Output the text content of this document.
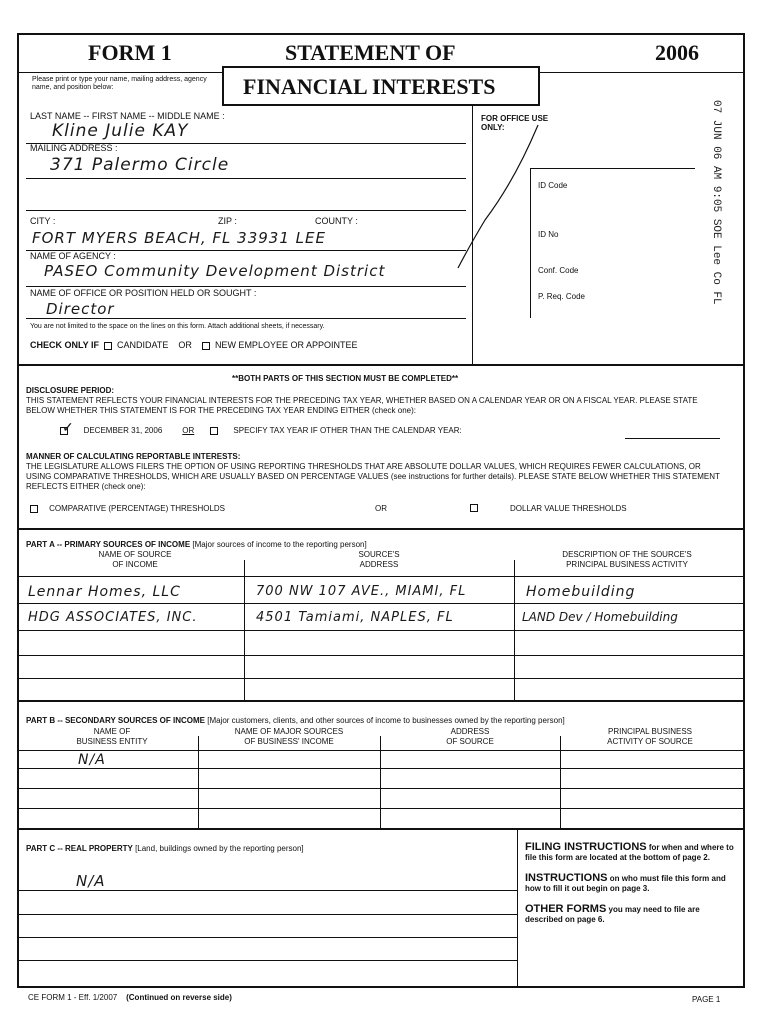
FORM 1	STATEMENT OF	2006
Please print or type your name, mailing address, agency name, and position below:	FINANCIAL INTERESTS
LAST NAME -- FIRST NAME -- MIDDLE NAME :
Kline Julie KAY
MAILING ADDRESS :
371 Palermo Circle
CITY :	ZIP :	COUNTY :
FORT MYERS BEACH, FL 33931 LEE
NAME OF AGENCY :
PASEO Community Development District
NAME OF OFFICE OR POSITION HELD OR SOUGHT :
Director
You are not limited to the space on the lines on this form. Attach additional sheets, if necessary.
CHECK ONLY IF CANDIDATE OR	NEW EMPLOYEE OR APPOINTEE
FOR OFFICE USE ONLY:
ID Code
ID No
Conf. Code
P. Req. Code	07 JUN 06 AM 9:05 SOE Lee Co FL
**BOTH PARTS OF THIS SECTION MUST BE COMPLETED**
DISCLOSURE PERIOD:
THIS STATEMENT REFLECTS YOUR FINANCIAL INTERESTS FOR THE PRECEDING TAX YEAR, WHETHER BASED ON A CALENDAR YEAR OR ON A FISCAL YEAR. PLEASE STATE BELOW WHETHER THIS STATEMENT IS FOR THE PRECEDING TAX YEAR ENDING EITHER (check one):
✓ DECEMBER 31, 2006	OR	SPECIFY TAX YEAR IF OTHER THAN THE CALENDAR YEAR:
MANNER OF CALCULATING REPORTABLE INTERESTS:
THE LEGISLATURE ALLOWS FILERS THE OPTION OF USING REPORTING THRESHOLDS THAT ARE ABSOLUTE DOLLAR VALUES, WHICH REQUIRES FEWER CALCULATIONS, OR USING COMPARATIVE THRESHOLDS, WHICH ARE USUALLY BASED ON PERCENTAGE VALUES (see instructions for further details). PLEASE STATE BELOW WHETHER THIS STATEMENT REFLECTS EITHER (check one):
COMPARATIVE (PERCENTAGE) THRESHOLDS	OR	DOLLAR VALUE THRESHOLDS
PART A -- PRIMARY SOURCES OF INCOME [Major sources of income to the reporting person]
NAME OF SOURCE
OF INCOME
SOURCE'S
ADDRESS
DESCRIPTION OF THE SOURCE'S
PRINCIPAL BUSINESS ACTIVITY
Lennar Homes, LLC	700 NW 107 AVE., MIAMI, FL	Homebuilding
HDG ASSOCIATES, INC.	4501 Tamiami, NAPLES, FL	LAND Dev / Homebuilding
PART B -- SECONDARY SOURCES OF INCOME [Major customers, clients, and other sources of income to businesses owned by the reporting person]
NAME OF
BUSINESS ENTITY
NAME OF MAJOR SOURCES
OF BUSINESS' INCOME
ADDRESS
OF SOURCE
PRINCIPAL BUSINESS
ACTIVITY OF SOURCE
N/A
PART C -- REAL PROPERTY [Land, buildings owned by the reporting person]
N/A

FILING INSTRUCTIONS for when and where to file this form are located at the bottom of page 2.

INSTRUCTIONS on who must file this form and how to fill it out begin on page 3.

OTHER FORMS you may need to file are described on page 6.

CE FORM 1 - Eff. 1/2007 (Continued on reverse side)	PAGE 1
